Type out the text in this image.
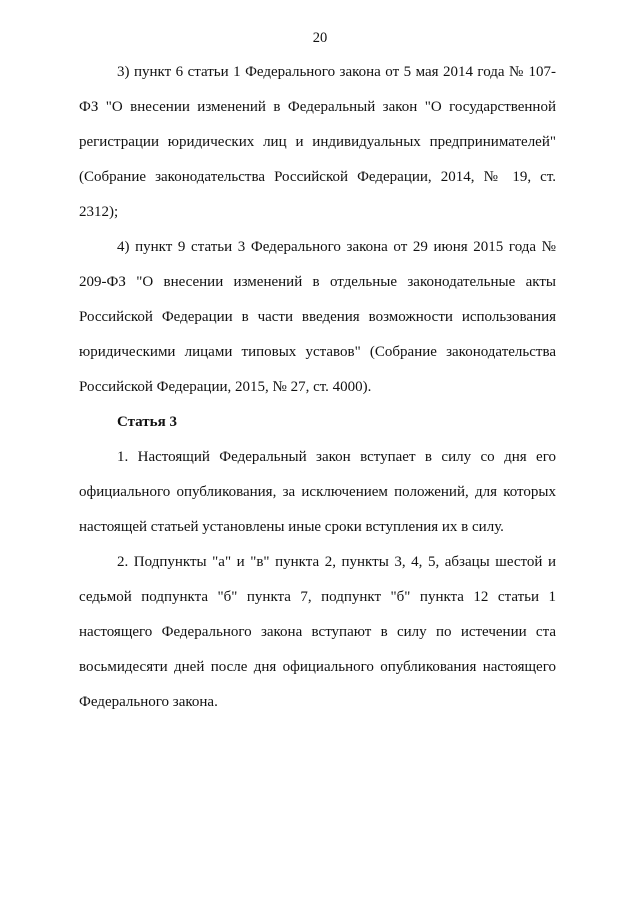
20

3) пункт 6 статьи 1 Федерального закона от 5 мая 2014 года № 107-ФЗ "О внесении изменений в Федеральный закон "О государственной регистрации юридических лиц и индивидуальных предпринимателей" (Собрание законодательства Российской Федерации, 2014, № 19, ст. 2312);

4) пункт 9 статьи 3 Федерального закона от 29 июня 2015 года № 209-ФЗ "О внесении изменений в отдельные законодательные акты Российской Федерации в части введения возможности использования юридическими лицами типовых уставов" (Собрание законодательства Российской Федерации, 2015, № 27, ст. 4000).

Статья 3

1. Настоящий Федеральный закон вступает в силу со дня его официального опубликования, за исключением положений, для которых настоящей статьей установлены иные сроки вступления их в силу.

2. Подпункты "а" и "в" пункта 2, пункты 3, 4, 5, абзацы шестой и седьмой подпункта "б" пункта 7, подпункт "б" пункта 12 статьи 1 настоящего Федерального закона вступают в силу по истечении ста восьмидесяти дней после дня официального опубликования настоящего Федерального закона.
